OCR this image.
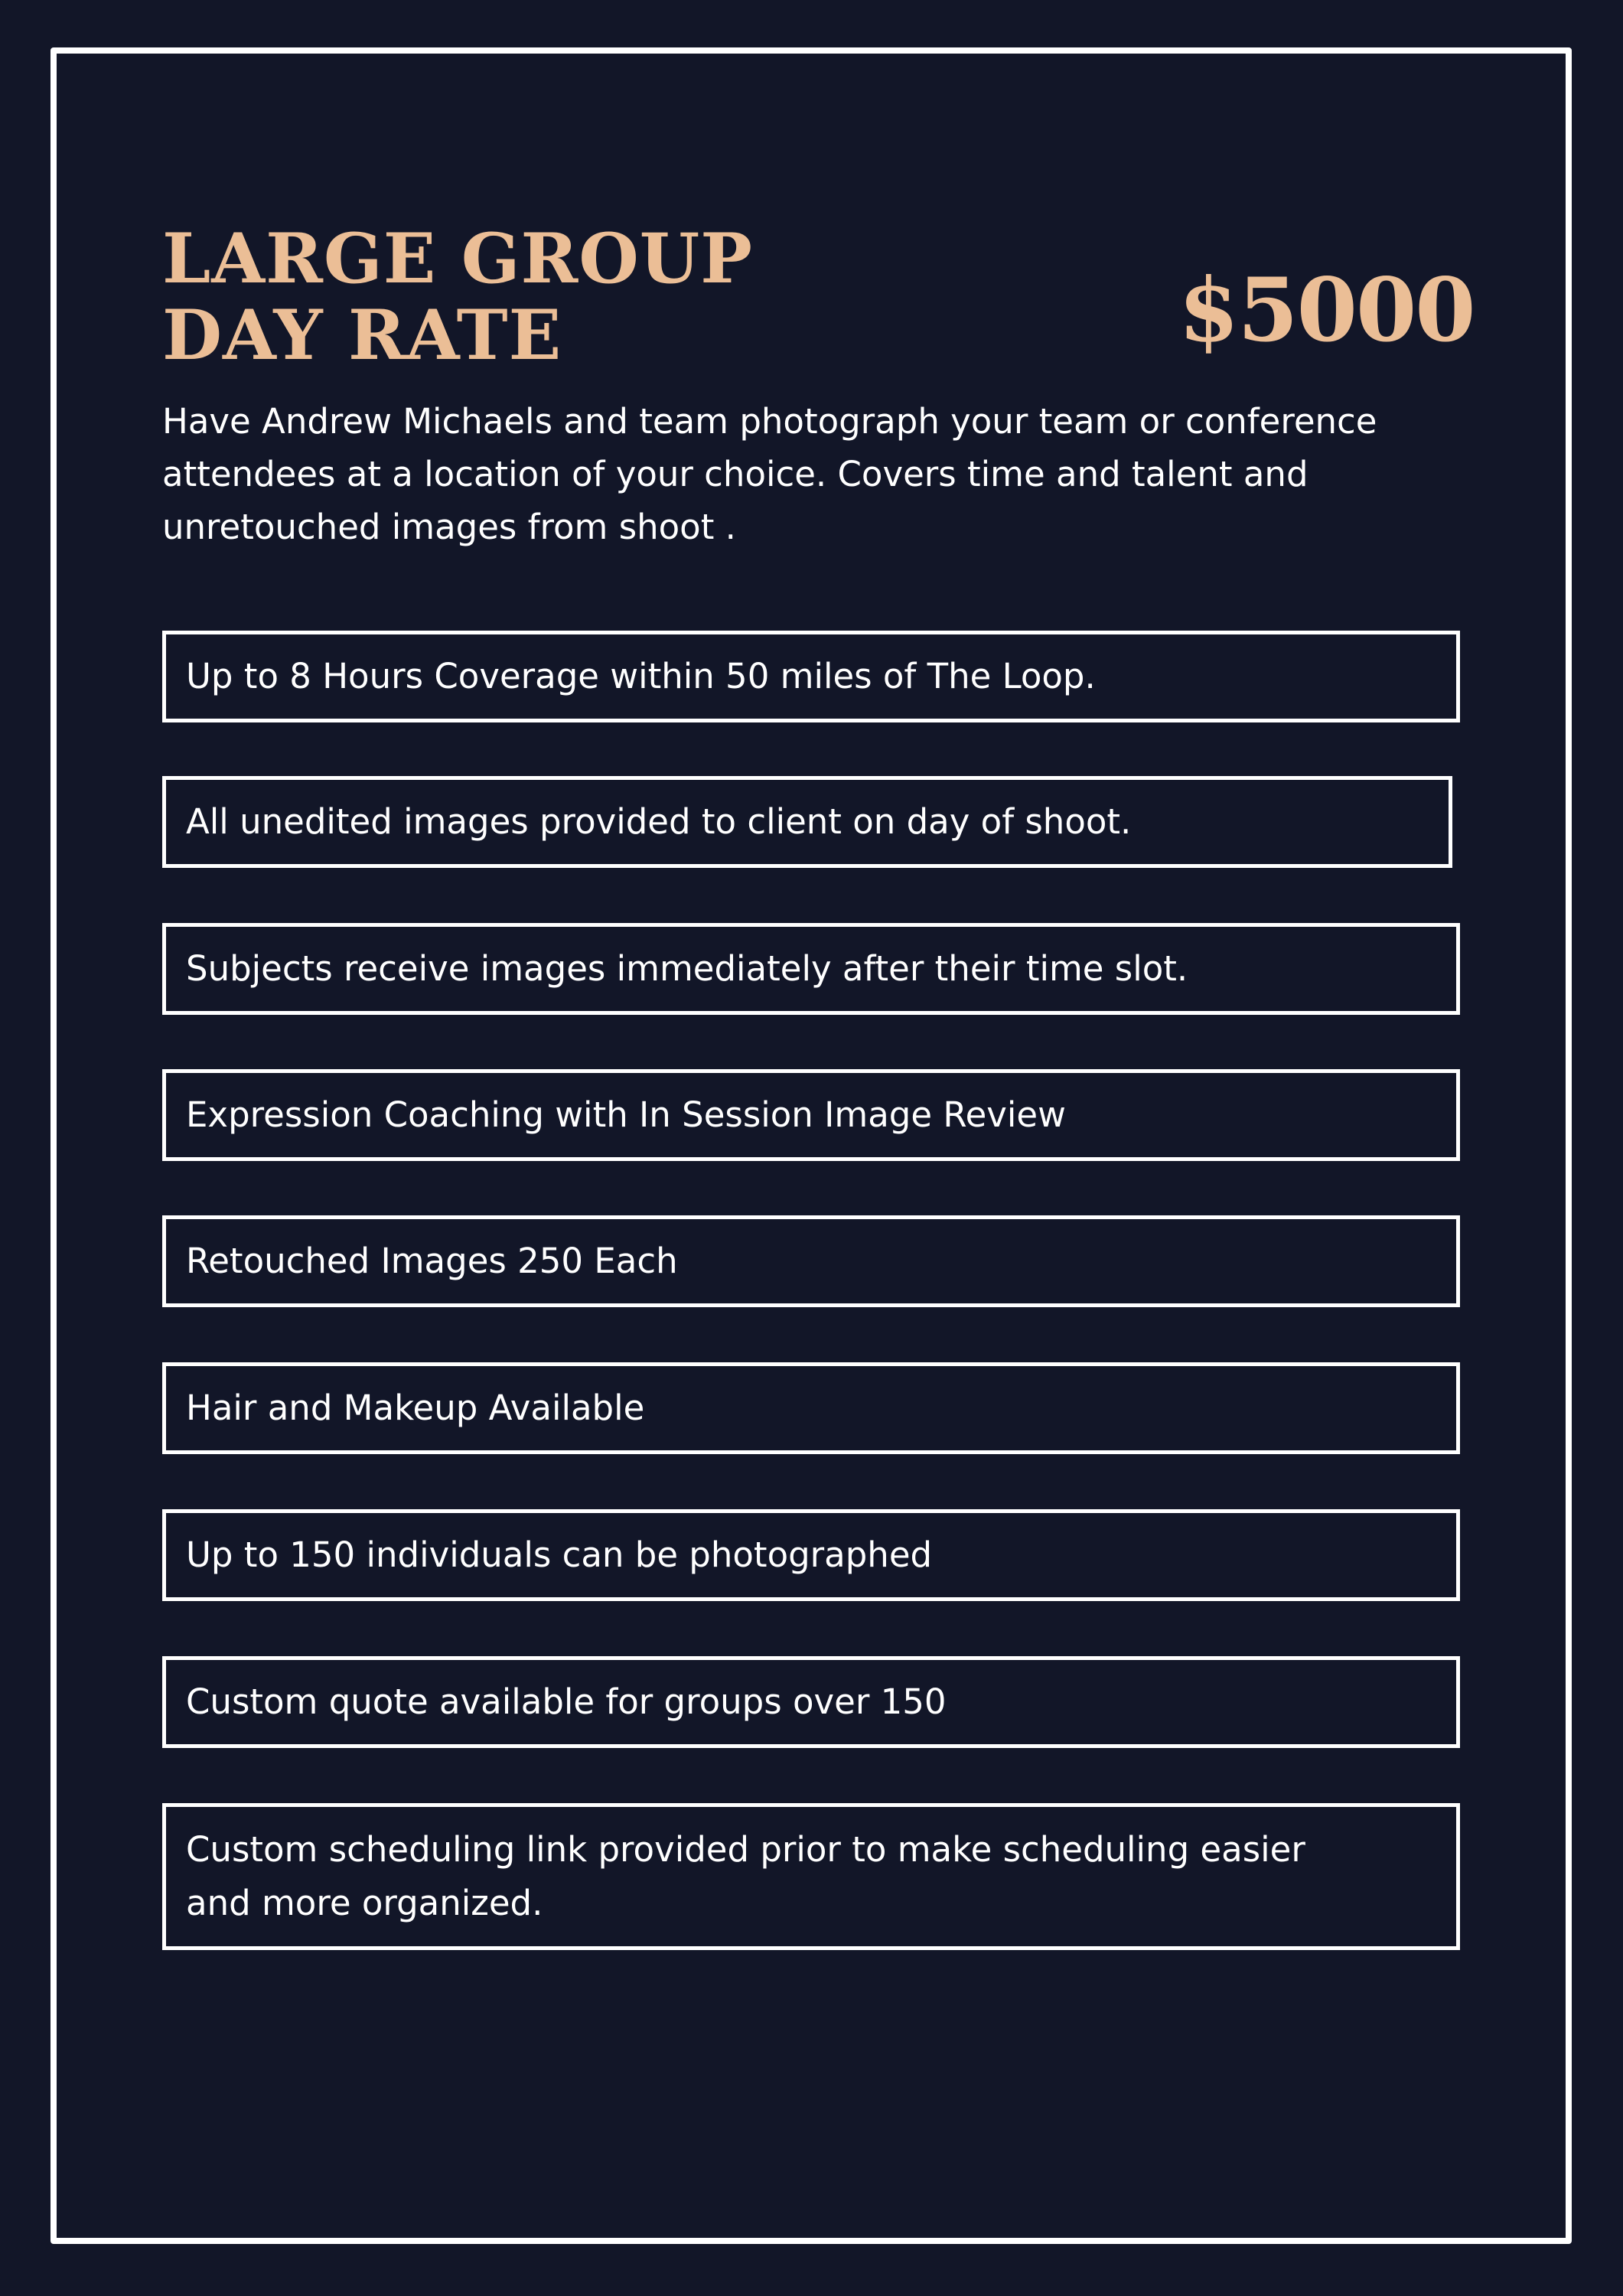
LARGE GROUP
DAY RATE	$5000

Have Andrew Michaels and team photograph your team or conference attendees at a location of your choice. Covers time and talent and unretouched images from shoot .

Up to 8 Hours Coverage within 50 miles of The Loop.
All unedited images provided to client on day of shoot.
Subjects receive images immediately after their time slot.
Expression Coaching with In Session Image Review
Retouched Images 250 Each
Hair and Makeup Available
Up to 150 individuals can be photographed
Custom quote available for groups over 150
Custom scheduling link provided prior to make scheduling easier and more organized.
